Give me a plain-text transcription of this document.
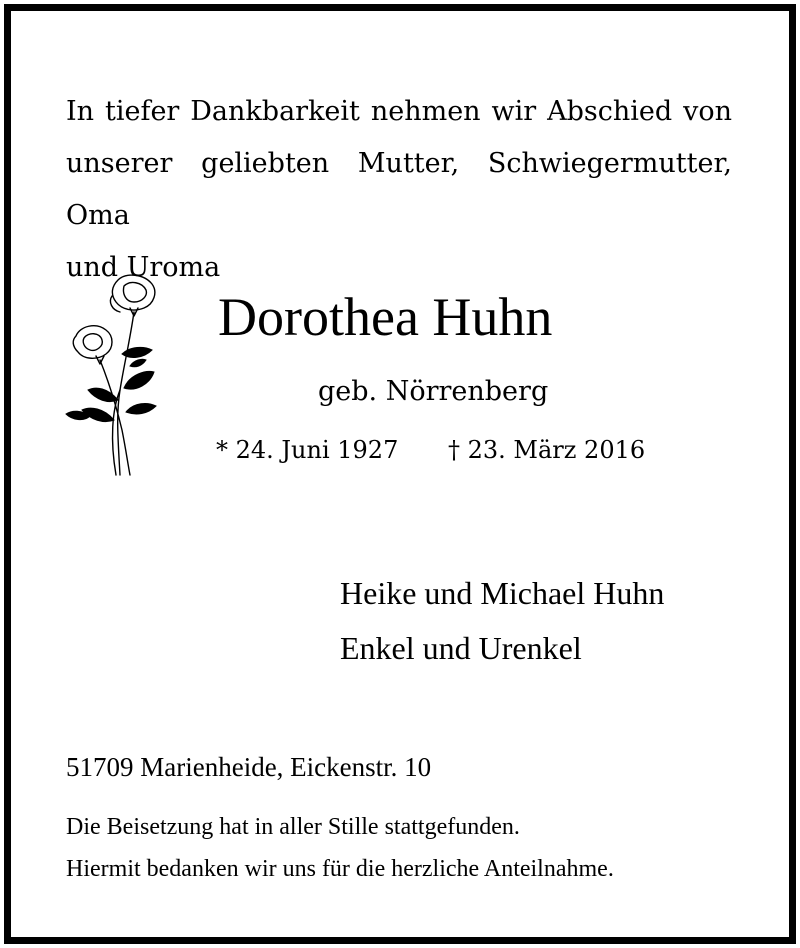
In tiefer Dankbarkeit nehmen wir Abschied von
unserer geliebten Mutter, Schwiegermutter, Oma
und Uroma
Dorothea Huhn
geb. Nörrenberg
* 24. Juni 1927 † 23. März 2016
Heike und Michael Huhn
Enkel und Urenkel
51709 Marienheide, Eickenstr. 10
Die Beisetzung hat in aller Stille stattgefunden.
Hiermit bedanken wir uns für die herzliche Anteilnahme.
